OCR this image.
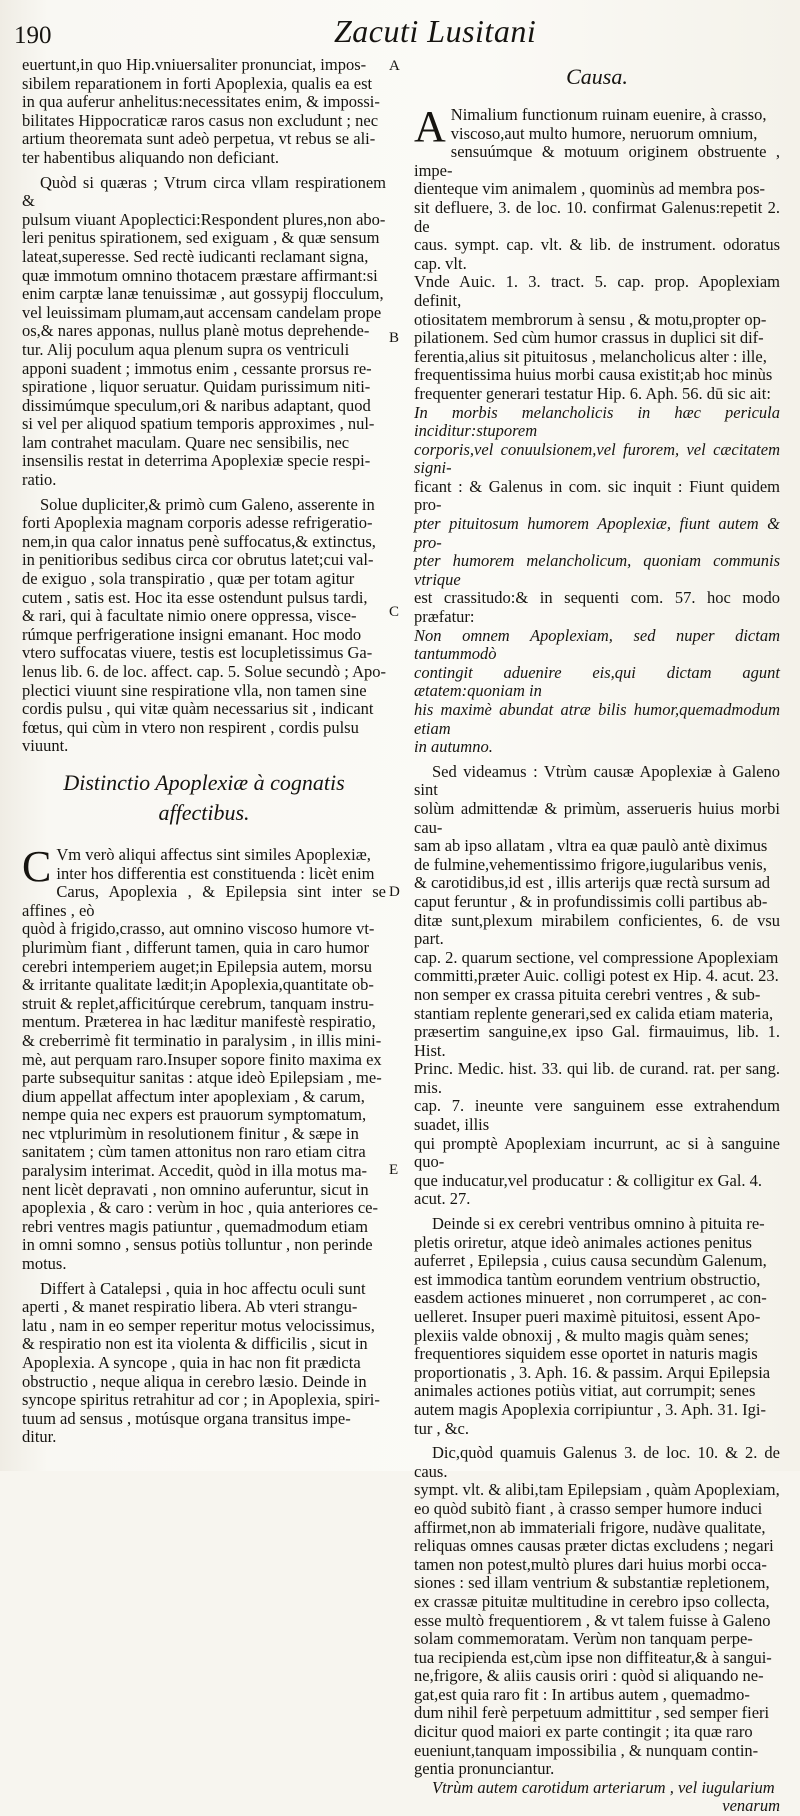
190	Zacuti Lusitani
A
B
C
D
E

euertunt,in quo Hip.vniuersaliter pronunciat, impos-
sibilem reparationem in forti Apoplexia, qualis ea est
in qua auferur anhelitus:necessitates enim, & impossi-
bilitates Hippocraticæ raros casus non excludunt ; nec
artium theoremata sunt adeò perpetua, vt rebus se ali-
ter habentibus aliquando non deficiant.

Quòd si quæras ; Vtrum circa vllam respirationem &
pulsum viuant Apoplectici:Respondent plures,non abo-
leri penitus spirationem, sed exiguam , & quæ sensum
lateat,superesse. Sed rectè iudicanti reclamant signa,
quæ immotum omnino thotacem præstare affirmant:si
enim carptæ lanæ tenuissimæ , aut gossypij flocculum,
vel leuissimam plumam,aut accensam candelam prope
os,& nares apponas, nullus planè motus deprehende-
tur. Alij poculum aqua plenum supra os ventriculi
apponi suadent ; immotus enim , cessante prorsus re-
spiratione , liquor seruatur. Quidam purissimum niti-
dissimúmque speculum,ori & naribus adaptant, quod
si vel per aliquod spatium temporis approximes , nul-
lam contrahet maculam. Quare nec sensibilis, nec
insensilis restat in deterrima Apoplexiæ specie respi-
ratio.

Solue dupliciter,& primò cum Galeno, asserente in
forti Apoplexia magnam corporis adesse refrigeratio-
nem,in qua calor innatus penè suffocatus,& extinctus,
in penitioribus sedibus circa cor obrutus latet;cui val-
de exiguo , sola transpiratio , quæ per totam agitur
cutem , satis est. Hoc ita esse ostendunt pulsus tardi,
& rari, qui à facultate nimio onere oppressa, visce-
rúmque perfrigeratione insigni emanant. Hoc modo
vtero suffocatas viuere, testis est locupletissimus Ga-
lenus lib. 6. de loc. affect. cap. 5. Solue secundò ; Apo-
plectici viuunt sine respiratione vlla, non tamen sine
cordis pulsu , qui vitæ quàm necessarius sit , indicant
fœtus, qui cùm in vtero non respirent , cordis pulsu
viuunt.

Distinctio Apoplexiæ à cognatis
affectibus.

C Vm verò aliqui affectus sint similes Apoplexiæ,
inter hos differentia est constituenda : licèt enim
Carus, Apoplexia , & Epilepsia sint inter se affines , eò
quòd à frigido,crasso, aut omnino viscoso humore vt-
plurimùm fiant , differunt tamen, quia in caro humor
cerebri intemperiem auget;in Epilepsia autem, morsu
& irritante qualitate lædit;in Apoplexia,quantitate ob-
struit & replet,afficitúrque cerebrum, tanquam instru-
mentum. Præterea in hac læditur manifestè respiratio,
& creberrimè fit terminatio in paralysim , in illis mini-
mè, aut perquam raro.Insuper sopore finito maxima ex
parte subsequitur sanitas : atque ideò Epilepsiam , me-
dium appellat affectum inter apoplexiam , & carum,
nempe quia nec expers est prauorum symptomatum,
nec vtplurimùm in resolutionem finitur , & sæpe in
sanitatem ; cùm tamen attonitus non raro etiam citra
paralysim interimat. Accedit, quòd in illa motus ma-
nent licèt depravati , non omnino auferuntur, sicut in
apoplexia , & caro : verùm in hoc , quia anteriores ce-
rebri ventres magis patiuntur , quemadmodum etiam
in omni somno , sensus potiùs tolluntur , non perinde
motus.

Differt à Catalepsi , quia in hoc affectu oculi sunt
aperti , & manet respiratio libera. Ab vteri strangu-
latu , nam in eo semper reperitur motus velocissimus,
& respiratio non est ita violenta & difficilis , sicut in
Apoplexia. A syncope , quia in hac non fit prædicta
obstructio , neque aliqua in cerebro læsio. Deinde in
syncope spiritus retrahitur ad cor ; in Apoplexia, spiri-
tuum ad sensus , motúsque organa transitus impe-
ditur.

Causa.

A Nimalium functionum ruinam euenire, à crasso,
viscoso,aut multo humore, neruorum omnium,
sensuúmque & motuum originem obstruente , impe-
dienteque vim animalem , quominùs ad membra pos-
sit defluere, 3. de loc. 10. confirmat Galenus:repetit 2. de
caus. sympt. cap. vlt. & lib. de instrument. odoratus cap. vlt.
Vnde Auic. 1. 3. tract. 5. cap. prop. Apoplexiam definit,
otiositatem membrorum à sensu , & motu,propter op-
pilationem. Sed cùm humor crassus in duplici sit dif-
ferentia,alius sit pituitosus , melancholicus alter : ille,
frequentissima huius morbi causa existit;ab hoc minùs
frequenter generari testatur Hip. 6. Aph. 56. dū sic ait:
In morbis melancholicis in hæc pericula inciditur:stuporem
corporis,vel conuulsionem,vel furorem, vel cæcitatem signi-
ficant : & Galenus in com. sic inquit : Fiunt quidem pro-
pter pituitosum humorem Apoplexiæ, fiunt autem & pro-
pter humorem melancholicum, quoniam communis vtrique
est crassitudo:& in sequenti com. 57. hoc modo præfatur:
Non omnem Apoplexiam, sed nuper dictam tantummodò
contingit aduenire eis,qui dictam agunt ætatem:quoniam in
his maximè abundat atræ bilis humor,quemadmodum etiam
in autumno.

Sed videamus : Vtrùm causæ Apoplexiæ à Galeno sint
solùm admittendæ & primùm, asserueris huius morbi cau-
sam ab ipso allatam , vltra ea quæ paulò antè diximus
de fulmine,vehementissimo frigore,iugularibus venis,
& carotidibus,id est , illis arterijs quæ rectà sursum ad
caput feruntur , & in profundissimis colli partibus ab-
ditæ sunt,plexum mirabilem conficientes, 6. de vsu part.
cap. 2. quarum sectione, vel compressione Apoplexiam
committi,præter Auic. colligi potest ex Hip. 4. acut. 23.
non semper ex crassa pituita cerebri ventres , & sub-
stantiam replente generari,sed ex calida etiam materia,
præsertim sanguine,ex ipso Gal. firmauimus, lib. 1. Hist.
Princ. Medic. hist. 33. qui lib. de curand. rat. per sang. mis.
cap. 7. ineunte vere sanguinem esse extrahendum suadet, illis
qui promptè Apoplexiam incurrunt, ac si à sanguine quo-
que inducatur,vel producatur : & colligitur ex Gal. 4.
acut. 27.

Deinde si ex cerebri ventribus omnino à pituita re-
pletis oriretur, atque ideò animales actiones penitus
auferret , Epilepsia , cuius causa secundùm Galenum,
est immodica tantùm eorundem ventrium obstructio,
easdem actiones minueret , non corrumperet , ac con-
uelleret. Insuper pueri maximè pituitosi, essent Apo-
plexiis valde obnoxij , & multo magis quàm senes;
frequentiores siquidem esse oportet in naturis magis
proportionatis , 3. Aph. 16. & passim. Arqui Epilepsia
animales actiones potiùs vitiat, aut corrumpit; senes
autem magis Apoplexia corripiuntur , 3. Aph. 31. Igi-
tur , &c.

Dic,quòd quamuis Galenus 3. de loc. 10. & 2. de caus.
sympt. vlt. & alibi,tam Epilepsiam , quàm Apoplexiam,
eo quòd subitò fiant , à crasso semper humore induci
affirmet,non ab immateriali frigore, nudàve qualitate,
reliquas omnes causas præter dictas excludens ; negari
tamen non potest,multò plures dari huius morbi occa-
siones : sed illam ventrium & substantiæ repletionem,
ex crassæ pituitæ multitudine in cerebro ipso collecta,
esse multò frequentiorem , & vt talem fuisse à Galeno
solam commemoratam. Verùm non tanquam perpe-
tua recipienda est,cùm ipse non diffiteatur,& à sangui-
ne,frigore, & aliis causis oriri : quòd si aliquando ne-
gat,est quia raro fit : In artibus autem , quemadmo-
dum nihil ferè perpetuum admittitur , sed semper fieri
dicitur quod maiori ex parte contingit ; ita quæ raro
eueniunt,tanquam impossibilia , & nunquam contin-
gentia pronunciantur.

Vtrùm autem carotidum arteriarum , vel iugularium

venarum
